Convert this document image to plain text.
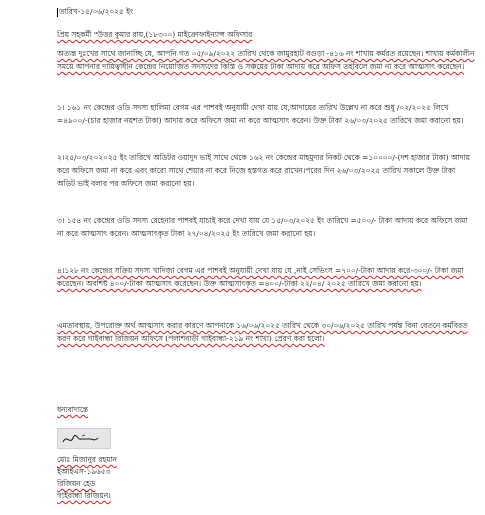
তারিখ-১৫/০৬/২০২৫ ইং
প্রিয় সহকর্মী "উত্তর কুমার রায়,(১৮৩০০) মাইক্রোফাইন্যান্স অফিসার
অত্যন্ত দুঃখের সাথে জানাচ্ছি যে, আপনি গত ০৫/০৯/২০২২ তারিখ থেকে জামুরহাট বগুড়া -৪১৬ নং শাখায় কর্মরত রয়েছেন। শাখায় কর্মকালীন সময়ে আপনার দায়িত্বাধীন কেন্দ্রের নিয়োজিত সদস্যদের কিস্তি ও সঞ্চয়ের টাকা আদায় করে অফিস তহবিলে জমা না করে আত্মসাৎ করেছেন।
১। ১৬১ নং কেন্দ্রের ওডি সদস্য হালিমা বেগম এর পাশবই অনুযায়ী দেখা যায় যে,আদায়ের তারিখ উল্লেখ না করে শুধু /০২/২০২৫ লিখে =৪৯০০/-(চার হাজার নয়শত টাকা) আদায় করে অফিসে জমা না করে আত্মসাৎ করেন। উক্ত টাকা ২৬/০৩/২০২৫ তারিখে জমা করানো হয়।
২।২৫/০৩/২০২০২৫ ইং তারিখে অডিটর ওয়াদুদ ভাই সাথে থেকে ১৬২ নং কেন্দ্রের মাহমুদার নিকট থেকে =১০০০০/-(দশ হাজার টাকা) আদায় করে অফিসে জমা না করে এবং কারো সাথে শেয়ার না করে নিজে হস্তগত করে রাখেন।পরের দিন ২৬/০৩/২০২৫ তারিখ সকালে উক্ত টাকা অডিট ভাই বলার পর অফিসে জমা করানো হয়।
৩। ১৫৪ নং কেন্দ্রের ওডি সদস্য রেহেনার পাশবই যাচাই করে দেখা যায় যে ১৫/০৩/২০২৫ ইং তারিখে =৫০০/- টাকা আদায় করে অফিসে জমা না করে আত্মসাৎ করেন। আত্মসাৎকৃত টাকা ২৭/০৪/২০২৫ ইং তারিখে জমা করানো হয়।
৪।১২৮ নং কেন্দ্রের সক্রিয় সদস্য খাদিজা বেগম এর পাশবই অনুযায়ী দেখা যায় যে ,নাই সেভিংস =৭০০/-টাকা আদায় করে-৩০০/- টাকা জমা করেছেন। অবশিষ্ট ৪০০/-টাকা আত্মসাৎ করেছেন। উক্ত আত্মসাৎকৃত =৪০০/-টাকা ২২/০৪/ ২০২৫ তারিখে জমা করানো হয়।
এমতাবস্থায়, উপরোক্ত অর্থ আত্মসাৎ করার কারণে আপনাকে ১৬/০৬/২০২৫ তারিখ থেকে ৩০/০৬/২০২৫ তারিখ পর্যন্ত বিনা বেতনে কর্মবিরত করণ করে গাইবান্ধা রিজিয়ন অফিসে (পলাশবাড়ী গাইবান্ধা-২১৯ নং শাখা) প্রেরণ করা হলো।
ধন্যবাদান্তে
মোঃ মিজানুর রহমান
ইআইএস-১৯৬৫৩
রিজিয়ন হেড
গাইবান্ধা রিজিয়ন।
